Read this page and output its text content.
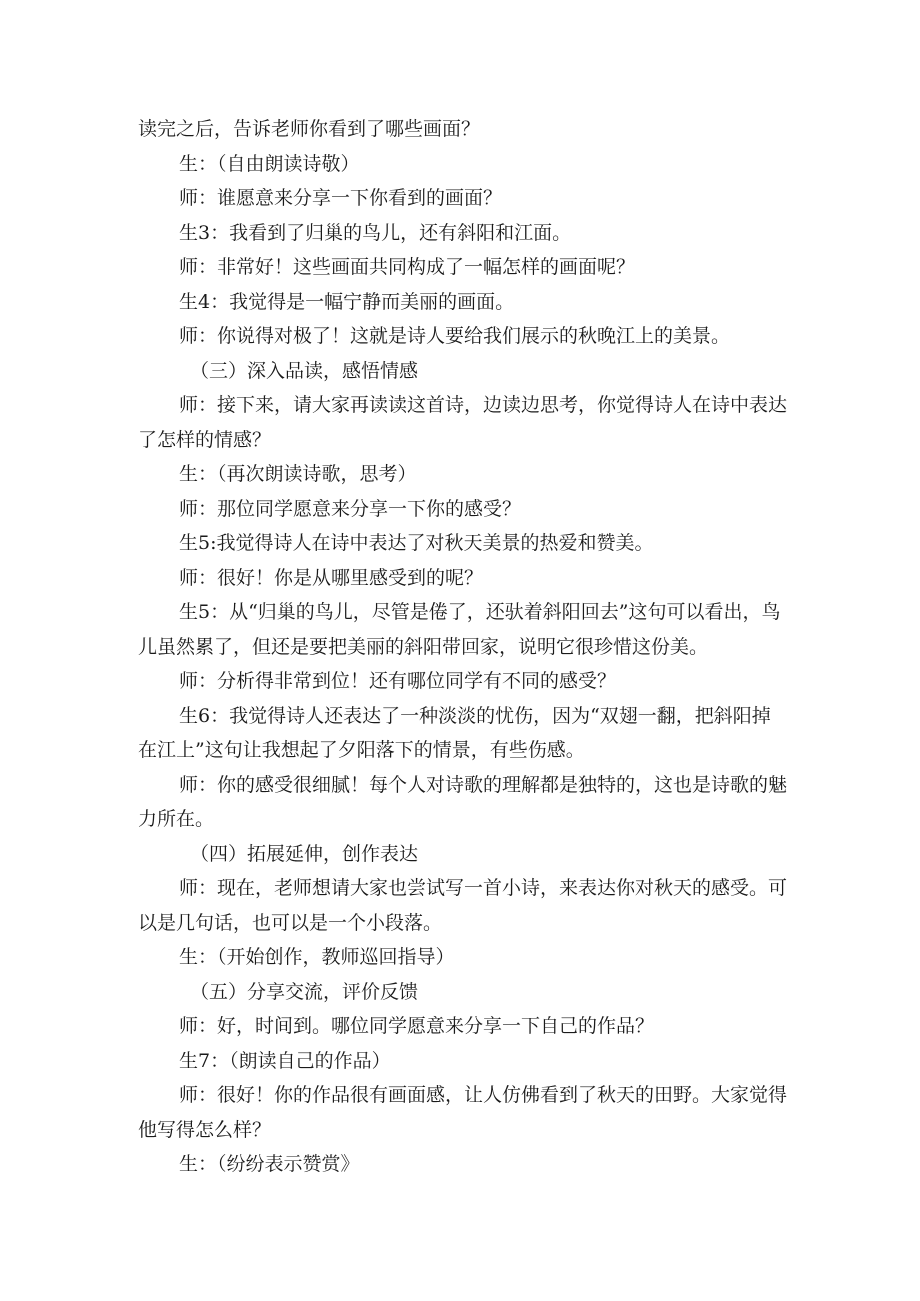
读完之后，告诉老师你看到了哪些画面？

生：（自由朗读诗敬）

师：谁愿意来分享一下你看到的画面？

生3：我看到了归巢的鸟儿，还有斜阳和江面。

师：非常好！这些画面共同构成了一幅怎样的画面呢？

生4：我觉得是一幅宁静而美丽的画面。

师：你说得对极了！这就是诗人要给我们展示的秋晚江上的美景。

（三）深入品读，感悟情感

师：接下来，请大家再读读这首诗，边读边思考，你觉得诗人在诗中表达了怎样的情感？

生：（再次朗读诗歌，思考）

师：那位同学愿意来分享一下你的感受？

生5:我觉得诗人在诗中表达了对秋天美景的热爱和赞美。

师：很好！你是从哪里感受到的呢？

生5：从“归巢的鸟儿，尽管是倦了，还驮着斜阳回去”这句可以看出，鸟儿虽然累了，但还是要把美丽的斜阳带回家，说明它很珍惜这份美。

师：分析得非常到位！还有哪位同学有不同的感受？

生6：我觉得诗人还表达了一种淡淡的忧伤，因为“双翅一翻，把斜阳掉在江上”这句让我想起了夕阳落下的情景，有些伤感。

师：你的感受很细腻！每个人对诗歌的理解都是独特的，这也是诗歌的魅力所在。

（四）拓展延伸，创作表达

师：现在，老师想请大家也尝试写一首小诗，来表达你对秋天的感受。可以是几句话，也可以是一个小段落。

生：（开始创作，教师巡回指导）

（五）分享交流，评价反馈

师：好，时间到。哪位同学愿意来分享一下自己的作品？

生7：（朗读自己的作品）

师：很好！你的作品很有画面感，让人仿佛看到了秋天的田野。大家觉得他写得怎么样？

生：（纷纷表示赞赏》
